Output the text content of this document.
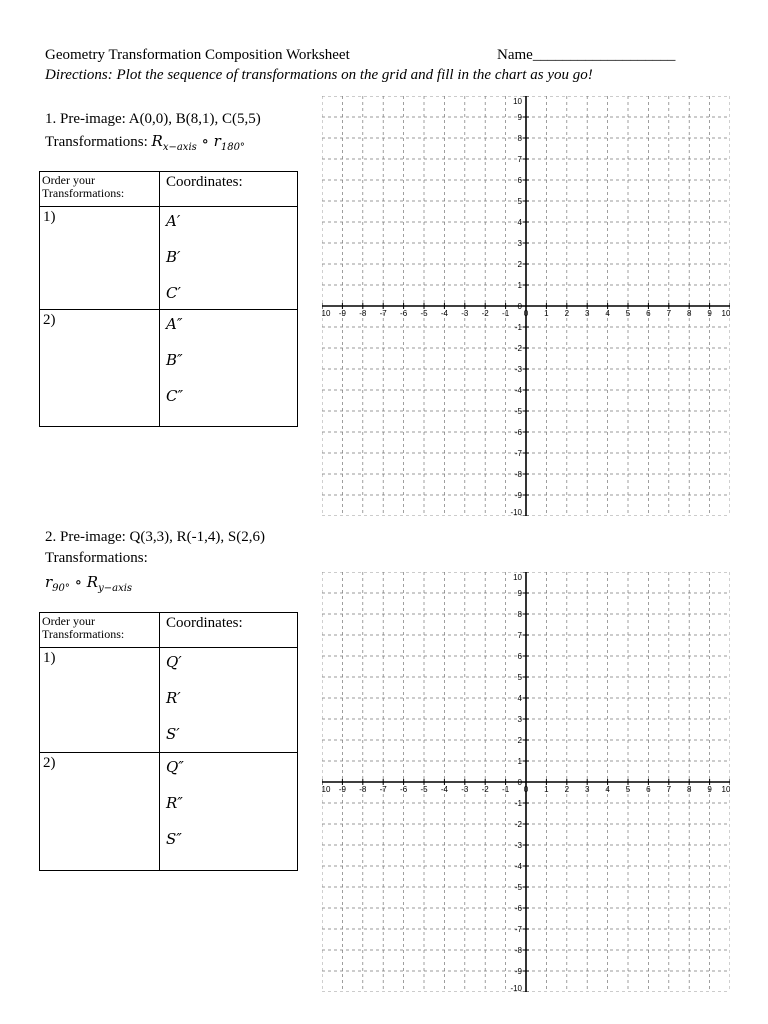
Geometry Transformation Composition Worksheet	Name___________________
Directions: Plot the sequence of transformations on the grid and fill in the chart as you go!
1. Pre-image: A(0,0), B(8,1), C(5,5)
Transformations: $R_{x-axis}$ ∘ $r_{180^\circ}$
Order your Transformations:	Coordinates:
1)	A′
B′
C′

2)	A″
B″
C″
10 -9 -8 -7 -6 -5 -4 -3 -2 -1 0 1 2 3 4 5 6 7 8 9 10
10
9
8
7
6
5
4
3
2
1
0
-1
-2
-3
-4
-5
-6
-7
-8
-9
-10
2. Pre-image: Q(3,3), R(-1,4), S(2,6)
Transformations:
$r_{90^\circ}$ ∘ $R_{y-axis}$
Order your Transformations:	Coordinates:
1)	Q′
R′
S′

2)	Q″
R″
S″
10 -9 -8 -7 -6 -5 -4 -3 -2 -1 0 1 2 3 4 5 6 7 8 9 10
10
9
8
7
6
5
4
3
2
1
0
-1
-2
-3
-4
-5
-6
-7
-8
-9
-10
